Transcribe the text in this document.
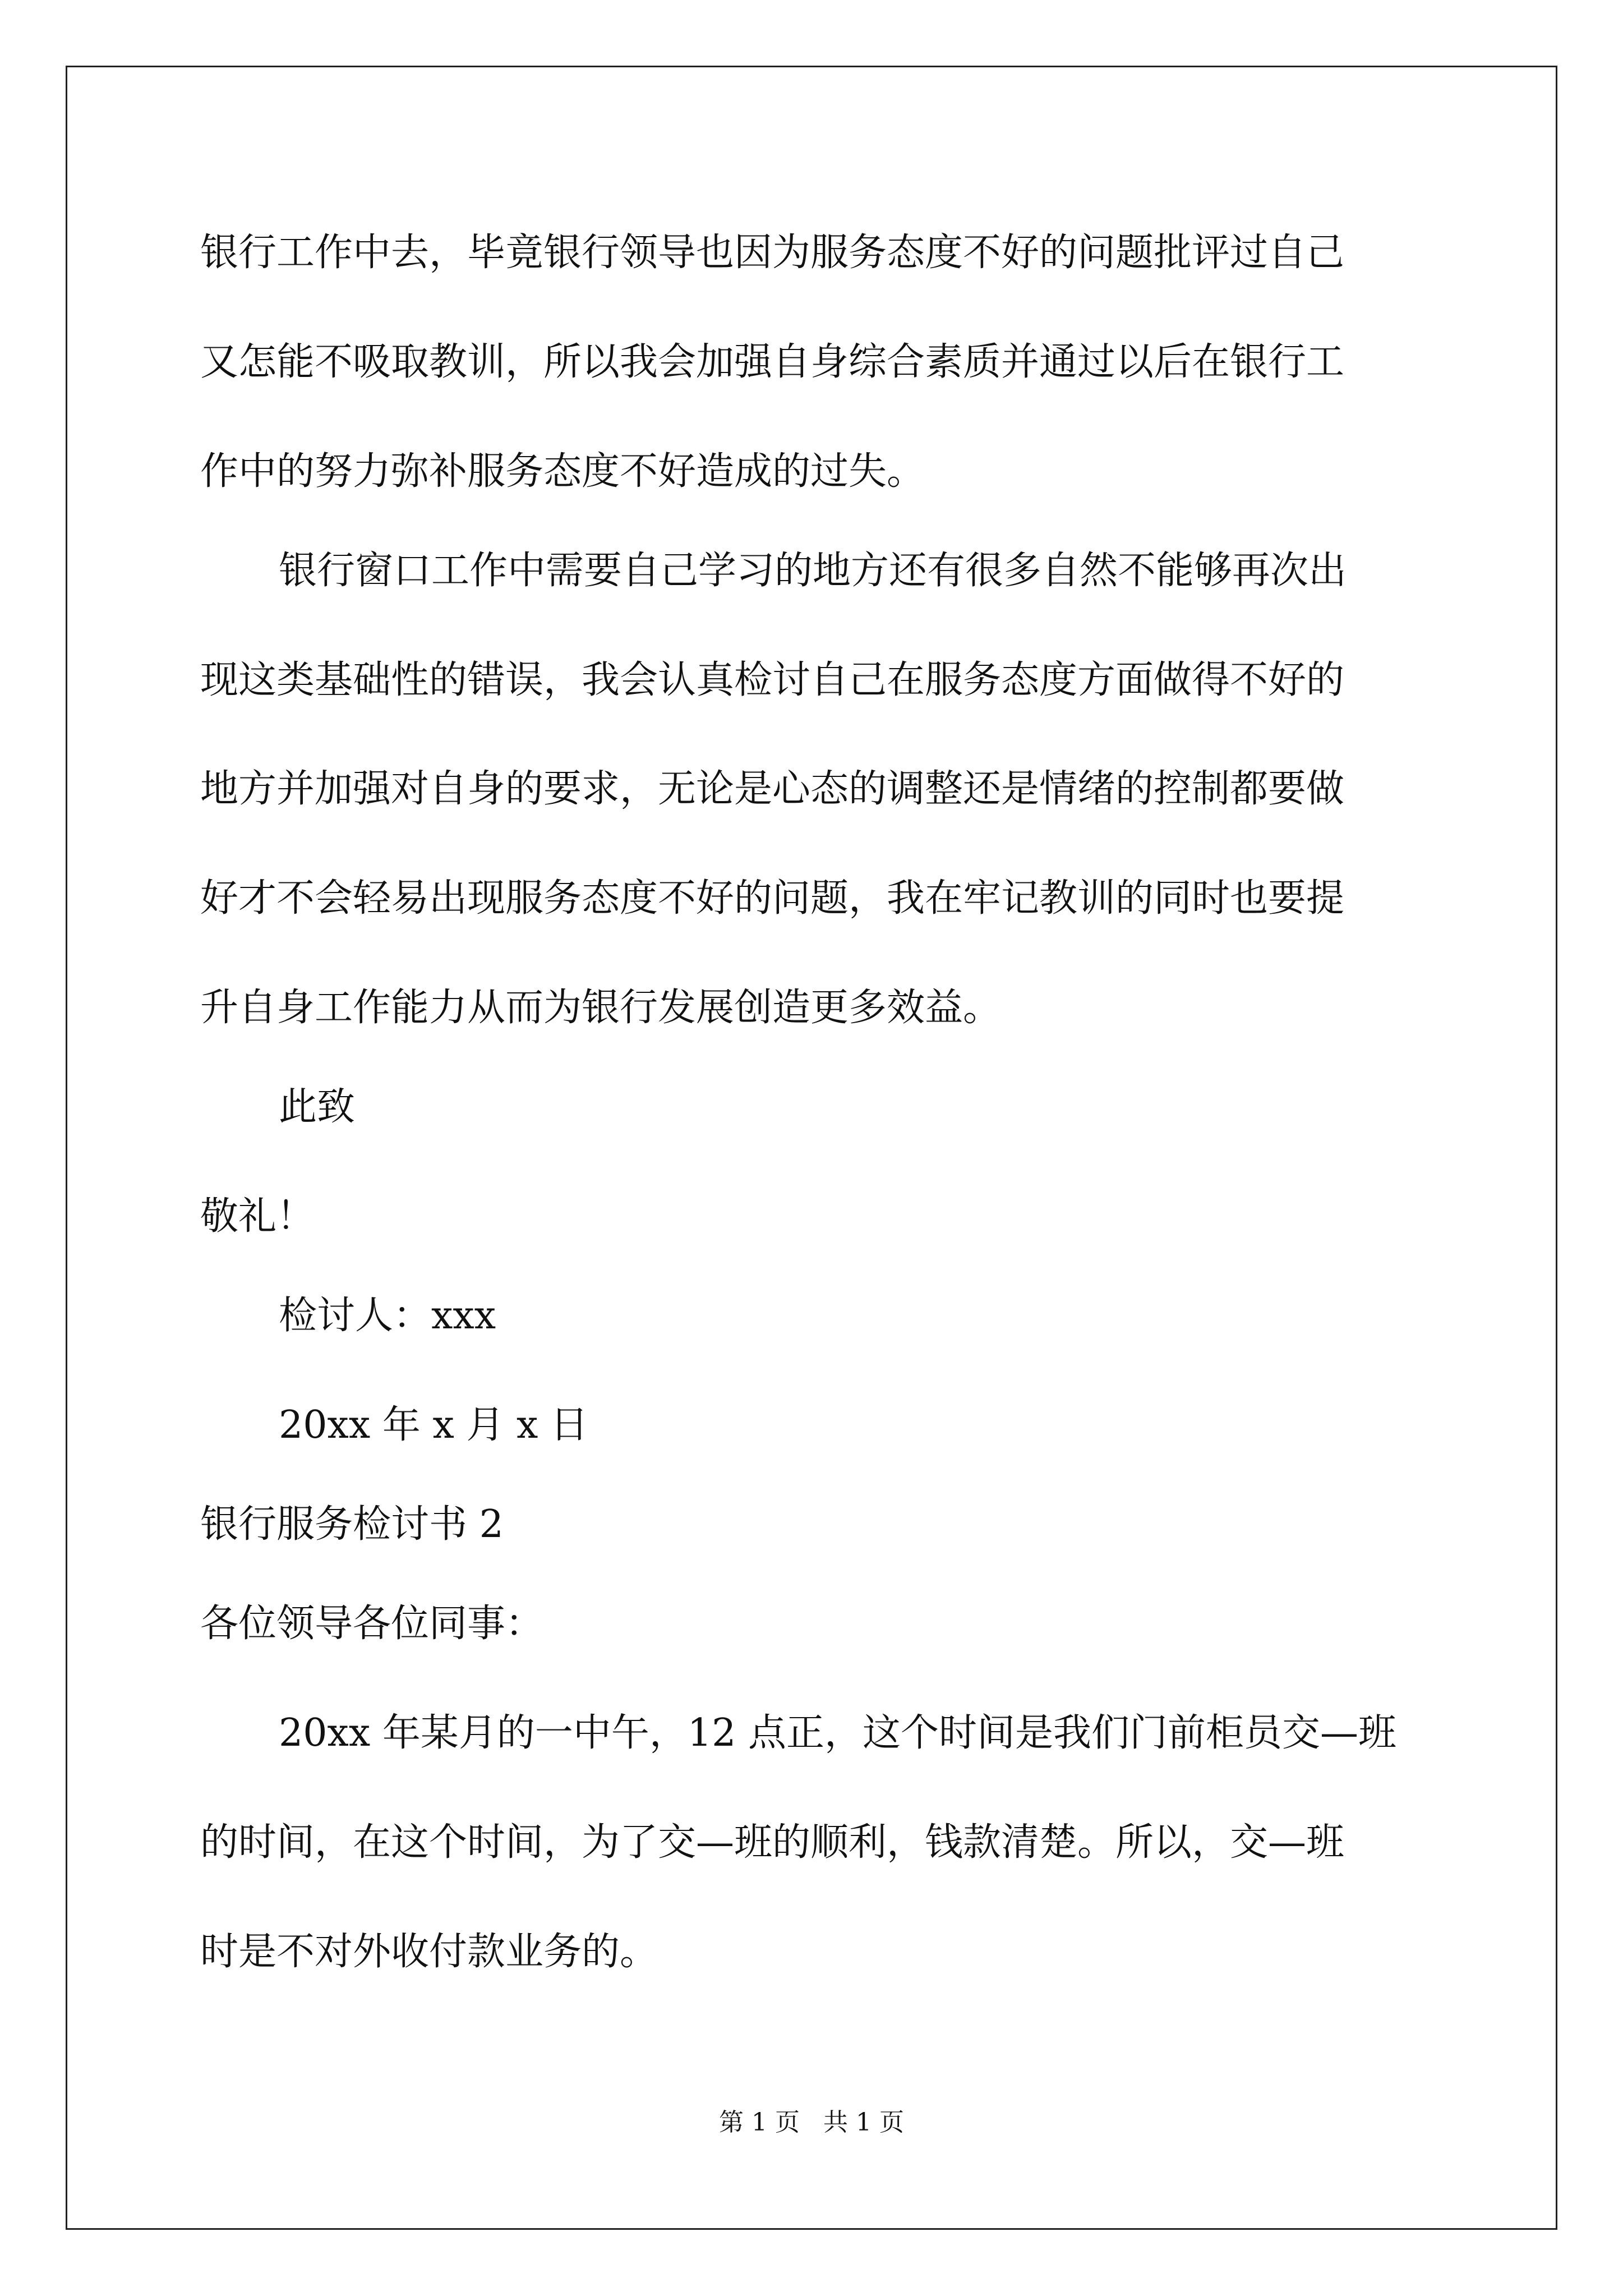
银行工作中去，毕竟银行领导也因为服务态度不好的问题批评过自己
又怎能不吸取教训，所以我会加强自身综合素质并通过以后在银行工
作中的努力弥补服务态度不好造成的过失。
银行窗口工作中需要自己学习的地方还有很多自然不能够再次出
现这类基础性的错误，我会认真检讨自己在服务态度方面做得不好的
地方并加强对自身的要求，无论是心态的调整还是情绪的控制都要做
好才不会轻易出现服务态度不好的问题，我在牢记教训的同时也要提
升自身工作能力从而为银行发展创造更多效益。
此致
敬礼！
检讨人：xxx
20xx 年 x 月 x 日
银行服务检讨书 2
各位领导各位同事：
20xx 年某月的一中午，12 点正，这个时间是我们门前柜员交—班
的时间，在这个时间，为了交—班的顺利，钱款清楚。所以，交—班
时是不对外收付款业务的。
第 1 页   共 1 页
